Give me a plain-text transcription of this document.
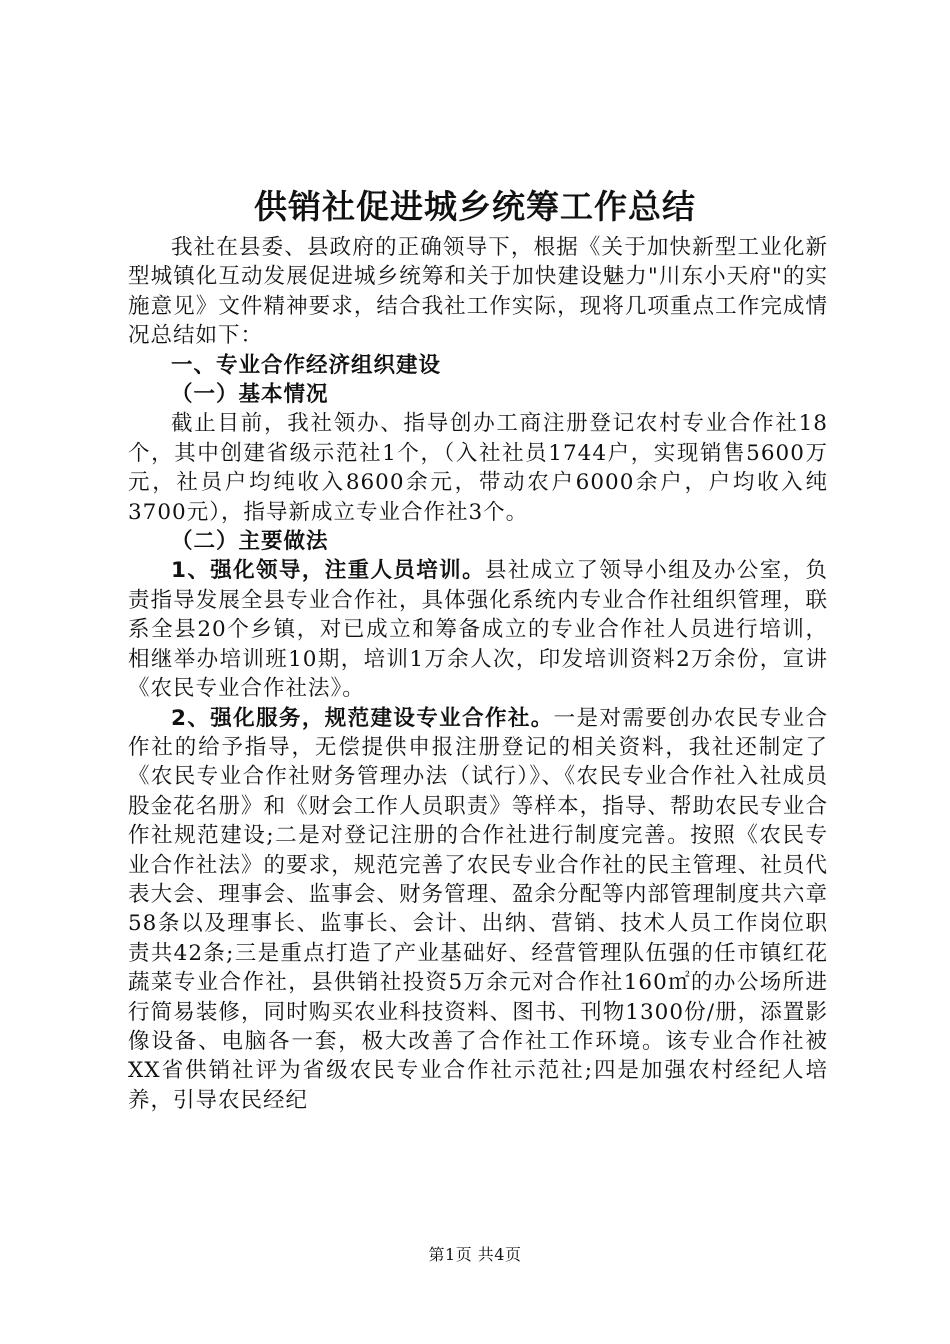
供销社促进城乡统筹工作总结

我社在县委、县政府的正确领导下，根据《关于加快新型工业化新型城镇化互动发展促进城乡统筹和关于加快建设魅力"川东小天府"的实施意见》文件精神要求，结合我社工作实际，现将几项重点工作完成情况总结如下：

一、专业合作经济组织建设

（一）基本情况

截止目前，我社领办、指导创办工商注册登记农村专业合作社18个，其中创建省级示范社1个，（入社社员1744户，实现销售5600万元，社员户均纯收入8600余元，带动农户6000余户，户均收入纯3700元），指导新成立专业合作社3个。

（二）主要做法

1、强化领导，注重人员培训。县社成立了领导小组及办公室，负责指导发展全县专业合作社，具体强化系统内专业合作社组织管理，联系全县20个乡镇，对已成立和筹备成立的专业合作社人员进行培训，相继举办培训班10期，培训1万余人次，印发培训资料2万余份，宣讲《农民专业合作社法》。

2、强化服务，规范建设专业合作社。一是对需要创办农民专业合作社的给予指导，无偿提供申报注册登记的相关资料，我社还制定了《农民专业合作社财务管理办法（试行）》、《农民专业合作社入社成员股金花名册》和《财会工作人员职责》等样本，指导、帮助农民专业合作社规范建设;二是对登记注册的合作社进行制度完善。按照《农民专业合作社法》的要求，规范完善了农民专业合作社的民主管理、社员代表大会、理事会、监事会、财务管理、盈余分配等内部管理制度共六章58条以及理事长、监事长、会计、出纳、营销、技术人员工作岗位职责共42条;三是重点打造了产业基础好、经营管理队伍强的任市镇红花蔬菜专业合作社，县供销社投资5万余元对合作社160㎡的办公场所进行简易装修，同时购买农业科技资料、图书、刊物1300份/册，添置影像设备、电脑各一套，极大改善了合作社工作环境。该专业合作社被XX省供销社评为省级农民专业合作社示范社;四是加强农村经纪人培养，引导农民经纪

第1页 共4页
